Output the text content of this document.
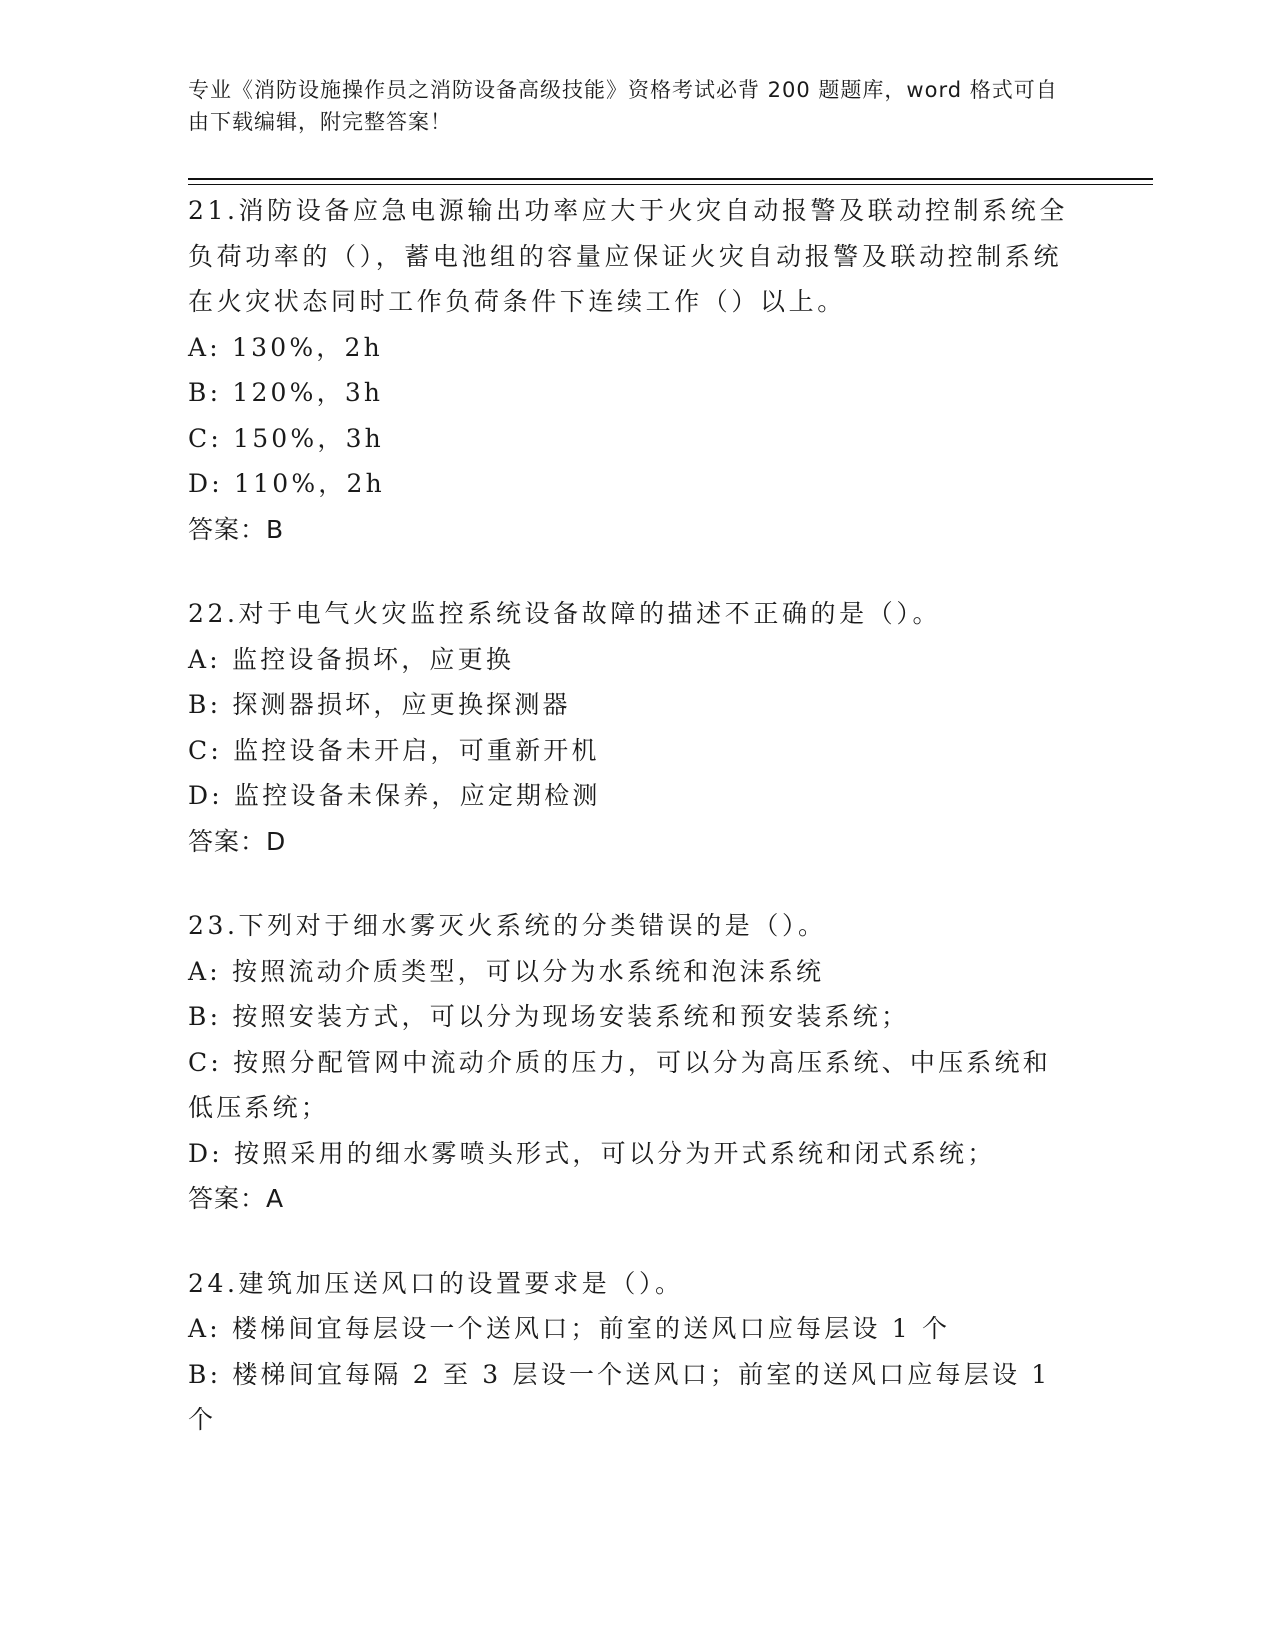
专业《消防设施操作员之消防设备高级技能》资格考试必背 200 题题库，word 格式可自由下载编辑，附完整答案！
21.消防设备应急电源输出功率应大于火灾自动报警及联动控制系统全负荷功率的（），蓄电池组的容量应保证火灾自动报警及联动控制系统在火灾状态同时工作负荷条件下连续工作（）以上。
A: 130%，2h
B: 120%，3h
C: 150%，3h
D: 110%，2h
答案：B
22.对于电气火灾监控系统设备故障的描述不正确的是（）。
A: 监控设备损坏，应更换
B: 探测器损坏，应更换探测器
C: 监控设备未开启，可重新开机
D: 监控设备未保养，应定期检测
答案：D
23.下列对于细水雾灭火系统的分类错误的是（）。
A: 按照流动介质类型，可以分为水系统和泡沫系统
B: 按照安装方式，可以分为现场安装系统和预安装系统；
C: 按照分配管网中流动介质的压力，可以分为高压系统、中压系统和低压系统；
D: 按照采用的细水雾喷头形式，可以分为开式系统和闭式系统；
答案：A
24.建筑加压送风口的设置要求是（）。
A: 楼梯间宜每层设一个送风口；前室的送风口应每层设 1 个
B: 楼梯间宜每隔 2 至 3 层设一个送风口；前室的送风口应每层设 1 个
